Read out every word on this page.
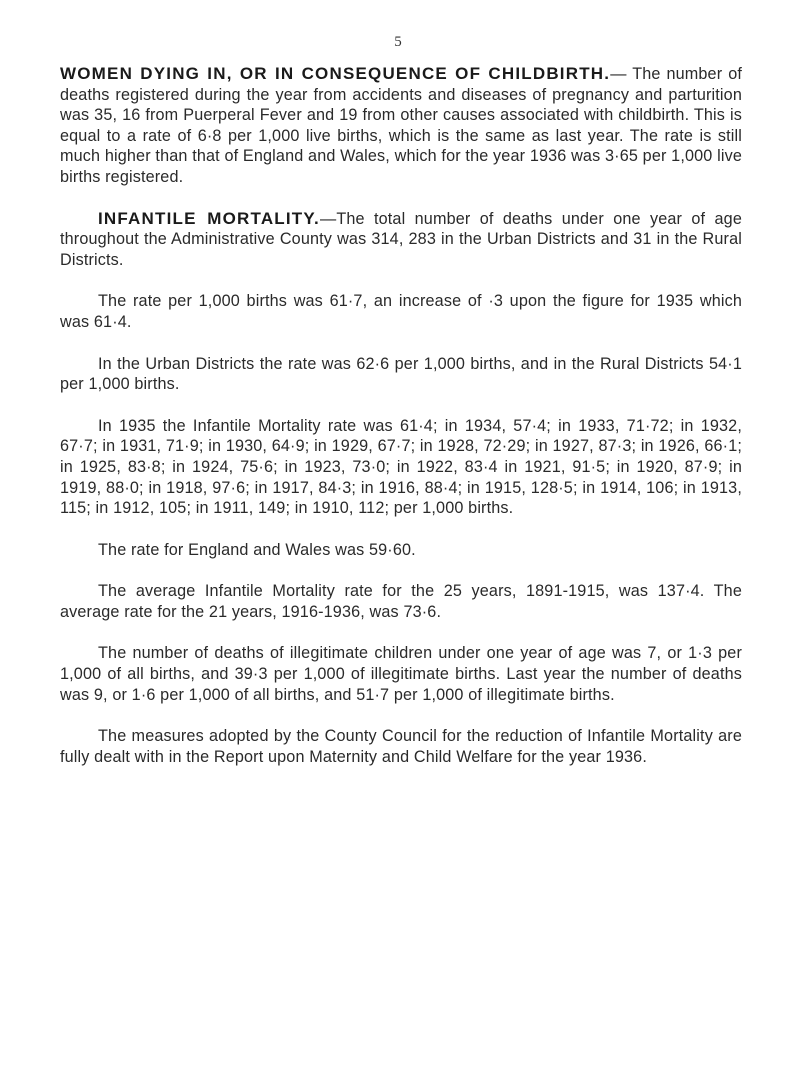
5

WOMEN DYING IN, OR IN CONSEQUENCE OF CHILDBIRTH.— The number of deaths registered during the year from accidents and diseases of pregnancy and parturition was 35, 16 from Puerperal Fever and 19 from other causes associated with childbirth. This is equal to a rate of 6·8 per 1,000 live births, which is the same as last year. The rate is still much higher than that of England and Wales, which for the year 1936 was 3·65 per 1,000 live births registered.

INFANTILE MORTALITY.—The total number of deaths under one year of age throughout the Administrative County was 314, 283 in the Urban Districts and 31 in the Rural Districts.

The rate per 1,000 births was 61·7, an increase of ·3 upon the figure for 1935 which was 61·4.

In the Urban Districts the rate was 62·6 per 1,000 births, and in the Rural Districts 54·1 per 1,000 births.

In 1935 the Infantile Mortality rate was 61·4; in 1934, 57·4; in 1933, 71·72; in 1932, 67·7; in 1931, 71·9; in 1930, 64·9; in 1929, 67·7; in 1928, 72·29; in 1927, 87·3; in 1926, 66·1; in 1925, 83·8; in 1924, 75·6; in 1923, 73·0; in 1922, 83·4 in 1921, 91·5; in 1920, 87·9; in 1919, 88·0; in 1918, 97·6; in 1917, 84·3; in 1916, 88·4; in 1915, 128·5; in 1914, 106; in 1913, 115; in 1912, 105; in 1911, 149; in 1910, 112; per 1,000 births.

The rate for England and Wales was 59·60.

The average Infantile Mortality rate for the 25 years, 1891-1915, was 137·4. The average rate for the 21 years, 1916-1936, was 73·6.

The number of deaths of illegitimate children under one year of age was 7, or 1·3 per 1,000 of all births, and 39·3 per 1,000 of illegitimate births. Last year the number of deaths was 9, or 1·6 per 1,000 of all births, and 51·7 per 1,000 of illegitimate births.

The measures adopted by the County Council for the reduction of Infantile Mortality are fully dealt with in the Report upon Maternity and Child Welfare for the year 1936.
